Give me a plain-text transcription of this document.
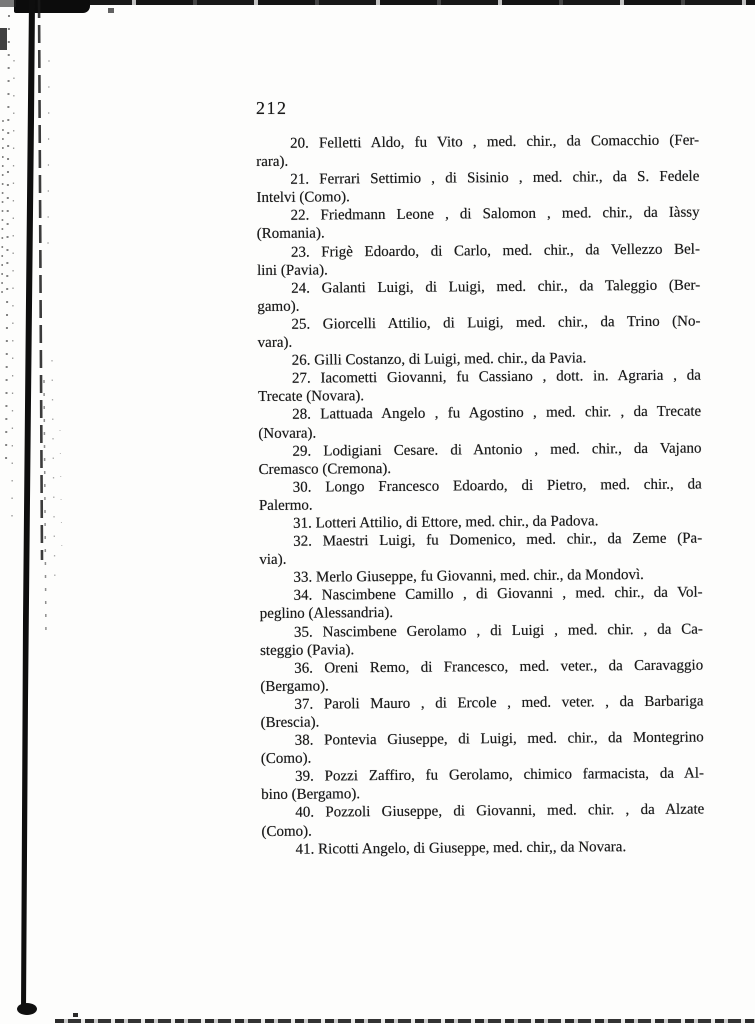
212
20. Felletti Aldo, fu Vito , med. chir., da Comacchio (Fer-
rara).
21. Ferrari Settimio , di Sisinio , med. chir., da S. Fedele
Intelvi (Como).
22. Friedmann Leone , di Salomon , med. chir., da Iàssy
(Romania).
23. Frigè Edoardo, di Carlo, med. chir., da Vellezzo Bel-
lini (Pavia).
24. Galanti Luigi, di Luigi, med. chir., da Taleggio (Ber-
gamo).
25. Giorcelli Attilio, di Luigi, med. chir., da Trino (No-
vara).
26. Gilli Costanzo, di Luigi, med. chir., da Pavia.
27. Iacometti Giovanni, fu Cassiano , dott. in. Agraria , da
Trecate (Novara).
28. Lattuada Angelo , fu Agostino , med. chir. , da Trecate
(Novara).
29. Lodigiani Cesare. di Antonio , med. chir., da Vajano
Cremasco (Cremona).
30. Longo Francesco Edoardo, di Pietro, med. chir., da
Palermo.
31. Lotteri Attilio, di Ettore, med. chir., da Padova.
32. Maestri Luigi, fu Domenico, med. chir., da Zeme (Pa-
via).
33. Merlo Giuseppe, fu Giovanni, med. chir., da Mondovì.
34. Nascimbene Camillo , di Giovanni , med. chir., da Vol-
peglino (Alessandria).
35. Nascimbene Gerolamo , di Luigi , med. chir. , da Ca-
steggio (Pavia).
36. Oreni Remo, di Francesco, med. veter., da Caravaggio
(Bergamo).
37. Paroli Mauro , di Ercole , med. veter. , da Barbariga
(Brescia).
38. Pontevia Giuseppe, di Luigi, med. chir., da Montegrino
(Como).
39. Pozzi Zaffiro, fu Gerolamo, chimico farmacista, da Al-
bino (Bergamo).
40. Pozzoli Giuseppe, di Giovanni, med. chir. , da Alzate
(Como).
41. Ricotti Angelo, di Giuseppe, med. chir,, da Novara.
